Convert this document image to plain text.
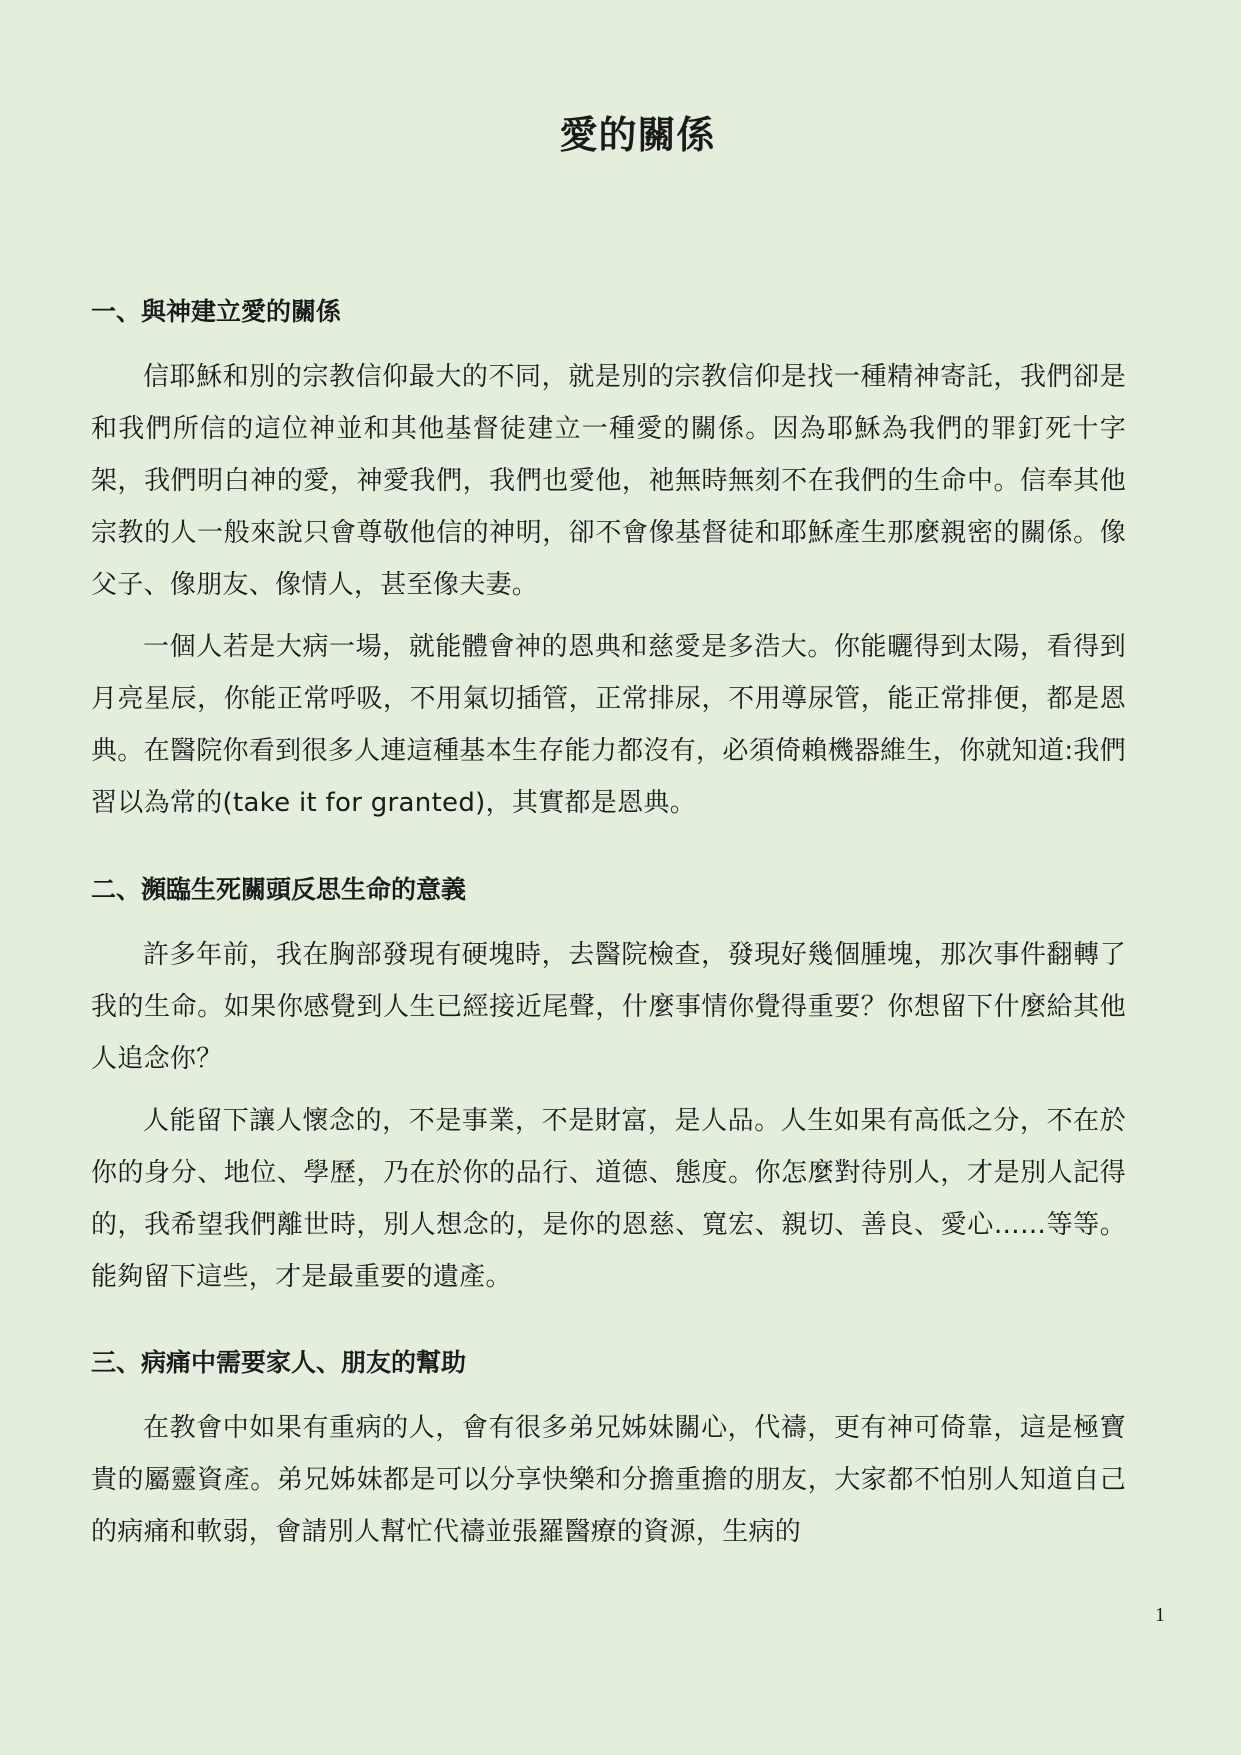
愛的關係
一、與神建立愛的關係

信耶穌和別的宗教信仰最大的不同，就是別的宗教信仰是找一種精神寄託，我們卻是和我們所信的這位神並和其他基督徒建立一種愛的關係。因為耶穌為我們的罪釘死十字架，我們明白神的愛，神愛我們，我們也愛他，祂無時無刻不在我們的生命中。信奉其他宗教的人一般來說只會尊敬他信的神明，卻不會像基督徒和耶穌產生那麼親密的關係。像父子、像朋友、像情人，甚至像夫妻。

一個人若是大病一場，就能體會神的恩典和慈愛是多浩大。你能曬得到太陽，看得到月亮星辰，你能正常呼吸，不用氣切插管，正常排尿，不用導尿管，能正常排便，都是恩典。在醫院你看到很多人連這種基本生存能力都沒有，必須倚賴機器維生，你就知道:我們習以為常的(take it for granted)，其實都是恩典。

二、瀕臨生死關頭反思生命的意義

許多年前，我在胸部發現有硬塊時，去醫院檢查，發現好幾個腫塊，那次事件翻轉了我的生命。如果你感覺到人生已經接近尾聲，什麼事情你覺得重要？你想留下什麼給其他人追念你？

人能留下讓人懷念的，不是事業，不是財富，是人品。人生如果有高低之分，不在於你的身分、地位、學歷，乃在於你的品行、道德、態度。你怎麼對待別人，才是別人記得的，我希望我們離世時，別人想念的，是你的恩慈、寬宏、親切、善良、愛心……等等。能夠留下這些，才是最重要的遺產。

三、病痛中需要家人、朋友的幫助

在教會中如果有重病的人，會有很多弟兄姊妹關心，代禱，更有神可倚靠，這是極寶貴的屬靈資產。弟兄姊妹都是可以分享快樂和分擔重擔的朋友，大家都不怕別人知道自己的病痛和軟弱，會請別人幫忙代禱並張羅醫療的資源，生病的

1
